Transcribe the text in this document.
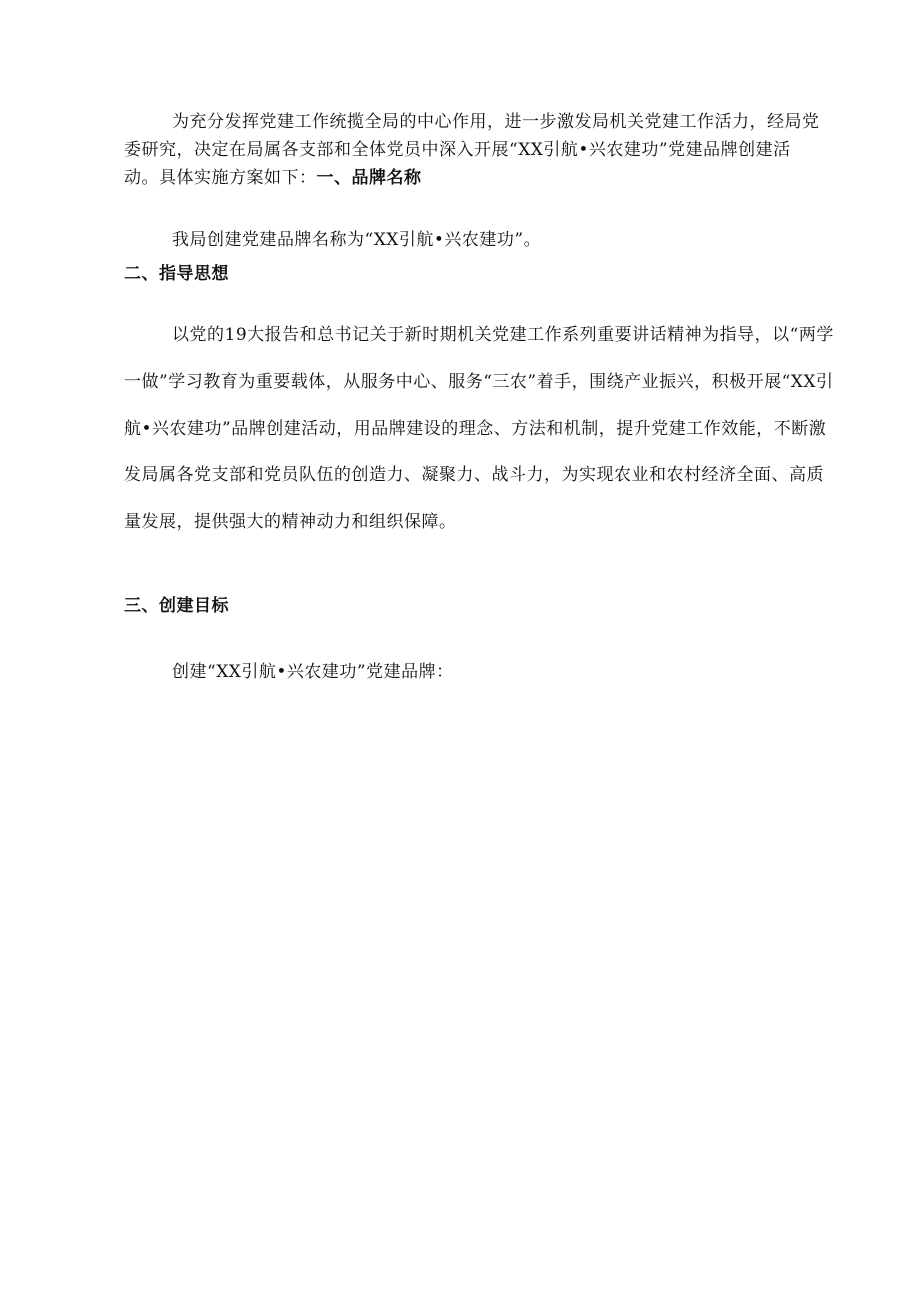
为充分发挥党建工作统揽全局的中心作用，进一步激发局机关党建工作活力，经局党委研究，决定在局属各支部和全体党员中深入开展“XX引航•兴农建功”党建品牌创建活动。具体实施方案如下：一、品牌名称

我局创建党建品牌名称为“XX引航•兴农建功”。

二、指导思想

以党的19大报告和总书记关于新时期机关党建工作系列重要讲话精神为指导，以“两学一做”学习教育为重要载体，从服务中心、服务“三农”着手，围绕产业振兴，积极开展“XX引航•兴农建功”品牌创建活动，用品牌建设的理念、方法和机制，提升党建工作效能，不断激发局属各党支部和党员队伍的创造力、凝聚力、战斗力，为实现农业和农村经济全面、高质量发展，提供强大的精神动力和组织保障。

三、创建目标

创建“XX引航•兴农建功”党建品牌：
